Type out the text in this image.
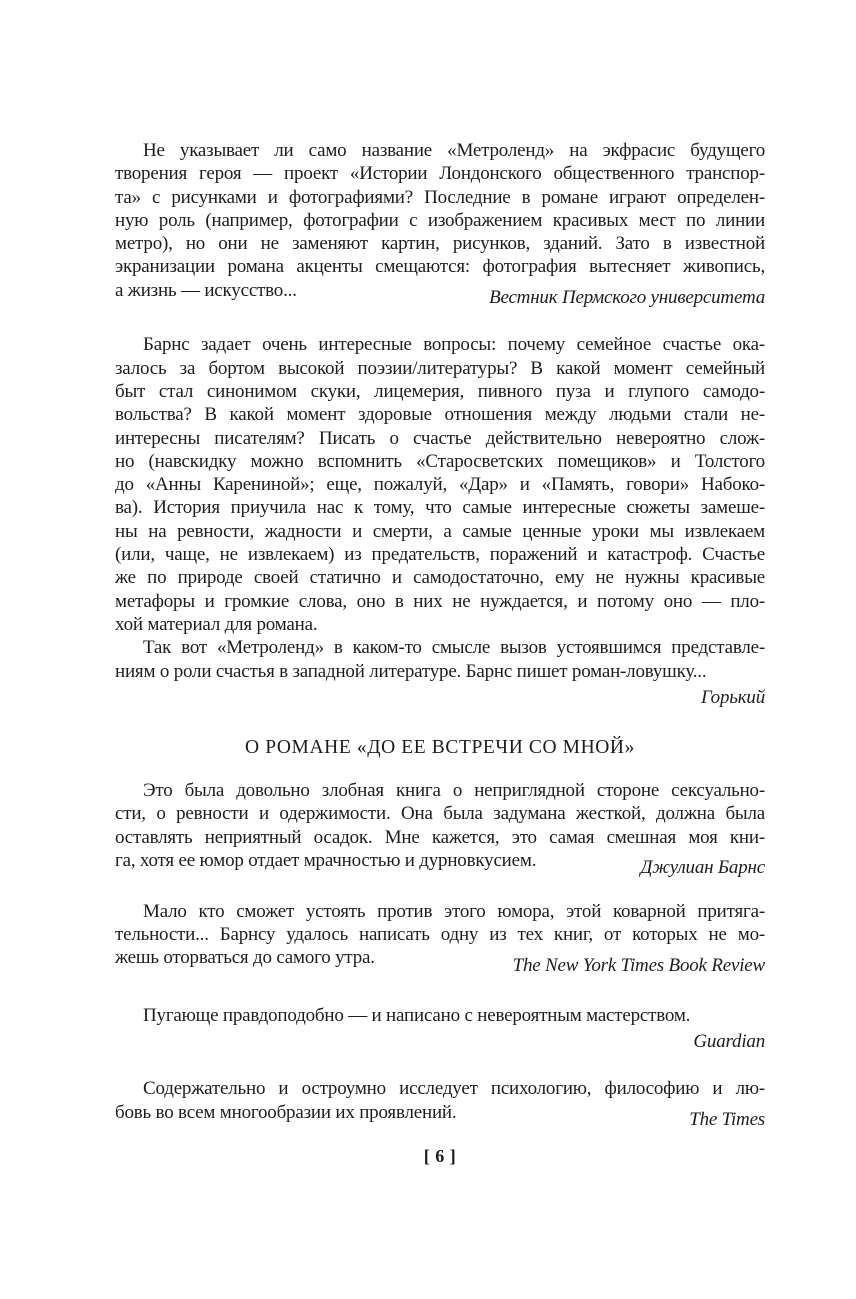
Не указывает ли само название «Метроленд» на экфрасис будущего
творения героя — проект «Истории Лондонского общественного транспор-
та» с рисунками и фотографиями? Последние в романе играют определен-
ную роль (например, фотографии с изображением красивых мест по линии
метро), но они не заменяют картин, рисунков, зданий. Зато в известной
экранизации романа акценты смещаются: фотография вытесняет живопись,
а жизнь — искусство...	Вестник Пермского университета
Барнс задает очень интересные вопросы: почему семейное счастье ока-
залось за бортом высокой поэзии/литературы? В какой момент семейный
быт стал синонимом скуки, лицемерия, пивного пуза и глупого самодо-
вольства? В какой момент здоровые отношения между людьми стали не-
интересны писателям? Писать о счастье действительно невероятно слож-
но (навскидку можно вспомнить «Старосветских помещиков» и Толстого
до «Анны Карениной»; еще, пожалуй, «Дар» и «Память, говори» Набоко-
ва). История приучила нас к тому, что самые интересные сюжеты замеше-
ны на ревности, жадности и смерти, а самые ценные уроки мы извлекаем
(или, чаще, не извлекаем) из предательств, поражений и катастроф. Счастье
же по природе своей статично и самодостаточно, ему не нужны красивые
метафоры и громкие слова, оно в них не нуждается, и потому оно — пло-
хой материал для романа.
Так вот «Метроленд» в каком-то смысле вызов устоявшимся представле-
ниям о роли счастья в западной литературе. Барнс пишет роман-ловушку...
Горький
О РОМАНЕ «ДО ЕЕ ВСТРЕЧИ СО МНОЙ»
Это была довольно злобная книга о неприглядной стороне сексуально-
сти, о ревности и одержимости. Она была задумана жесткой, должна была
оставлять неприятный осадок. Мне кажется, это самая смешная моя кни-
га, хотя ее юмор отдает мрачностью и дурновкусием.	Джулиан Барнс
Мало кто сможет устоять против этого юмора, этой коварной притяга-
тельности... Барнсу удалось написать одну из тех книг, от которых не мо-
жешь оторваться до самого утра.	The New York Times Book Review
Пугающе правдоподобно — и написано с невероятным мастерством.
Guardian
Содержательно и остроумно исследует психологию, философию и лю-
бовь во всем многообразии их проявлений.	The Times
[ 6 ]
